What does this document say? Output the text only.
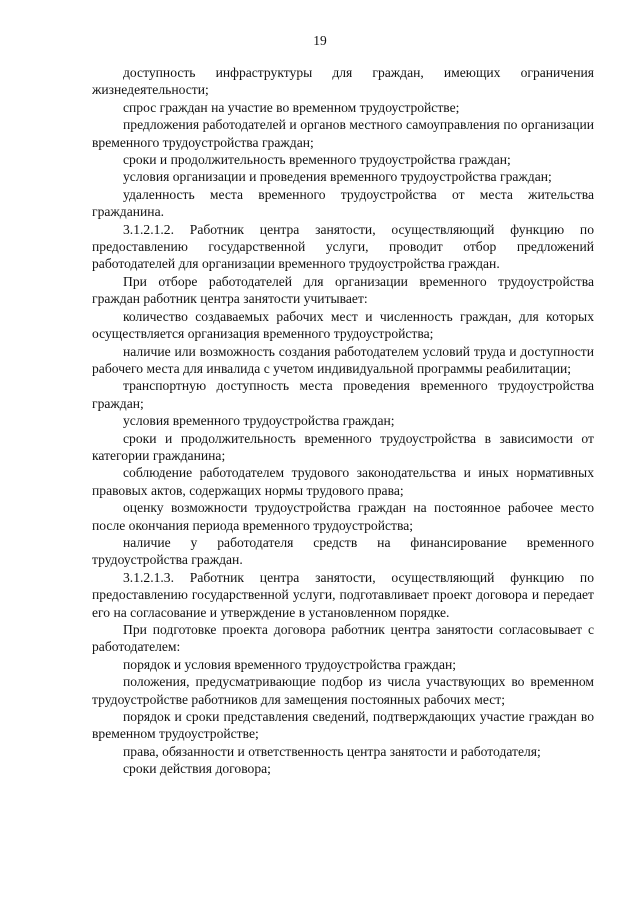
19

доступность инфраструктуры для граждан, имеющих ограничения жизнедеятельности;

спрос граждан на участие во временном трудоустройстве;

предложения работодателей и органов местного самоуправления по организации временного трудоустройства граждан;

сроки и продолжительность временного трудоустройства граждан;

условия организации и проведения временного трудоустройства граждан;

удаленность места временного трудоустройства от места жительства гражданина.

3.1.2.1.2. Работник центра занятости, осуществляющий функцию по предоставлению государственной услуги, проводит отбор предложений работодателей для организации временного трудоустройства граждан.

При отборе работодателей для организации временного трудоустройства граждан работник центра занятости учитывает:

количество создаваемых рабочих мест и численность граждан, для которых осуществляется организация временного трудоустройства;

наличие или возможность создания работодателем условий труда и доступности рабочего места для инвалида с учетом индивидуальной программы реабилитации;

транспортную доступность места проведения временного трудоустройства граждан;

условия временного трудоустройства граждан;

сроки и продолжительность временного трудоустройства в зависимости от категории гражданина;

соблюдение работодателем трудового законодательства и иных нормативных правовых актов, содержащих нормы трудового права;

оценку возможности трудоустройства граждан на постоянное рабочее место после окончания периода временного трудоустройства;

наличие у работодателя средств на финансирование временного трудоустройства граждан.

3.1.2.1.3. Работник центра занятости, осуществляющий функцию по предоставлению государственной услуги, подготавливает проект договора и передает его на согласование и утверждение в установленном порядке.

При подготовке проекта договора работник центра занятости согласовывает с работодателем:

порядок и условия временного трудоустройства граждан;

положения, предусматривающие подбор из числа участвующих во временном трудоустройстве работников для замещения постоянных рабочих мест;

порядок и сроки представления сведений, подтверждающих участие граждан во временном трудоустройстве;

права, обязанности и ответственность центра занятости и работодателя;

сроки действия договора;
